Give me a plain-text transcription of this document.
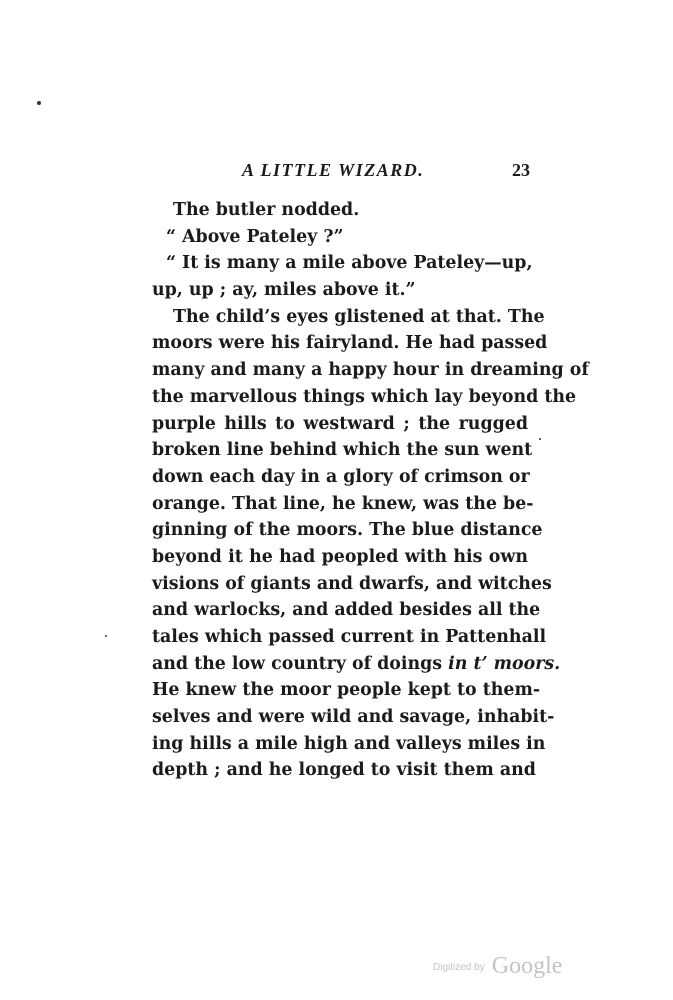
A LITTLE WIZARD.	23
The butler nodded.
“ Above Pateley ?”
“ It is many a mile above Pateley—up,
up, up ; ay, miles above it.”
The child’s eyes glistened at that. The
moors were his fairyland. He had passed
many and many a happy hour in dreaming of
the marvellous things which lay beyond the
purple hills to westward ; the rugged
broken line behind which the sun went
down each day in a glory of crimson or
orange. That line, he knew, was the be-
ginning of the moors. The blue distance
beyond it he had peopled with his own
visions of giants and dwarfs, and witches
and warlocks, and added besides all the
tales which passed current in Pattenhall
and the low country of doings in t’ moors.
He knew the moor people kept to them-
selves and were wild and savage, inhabit-
ing hills a mile high and valleys miles in
depth ; and he longed to visit them and
Digitized by Google
